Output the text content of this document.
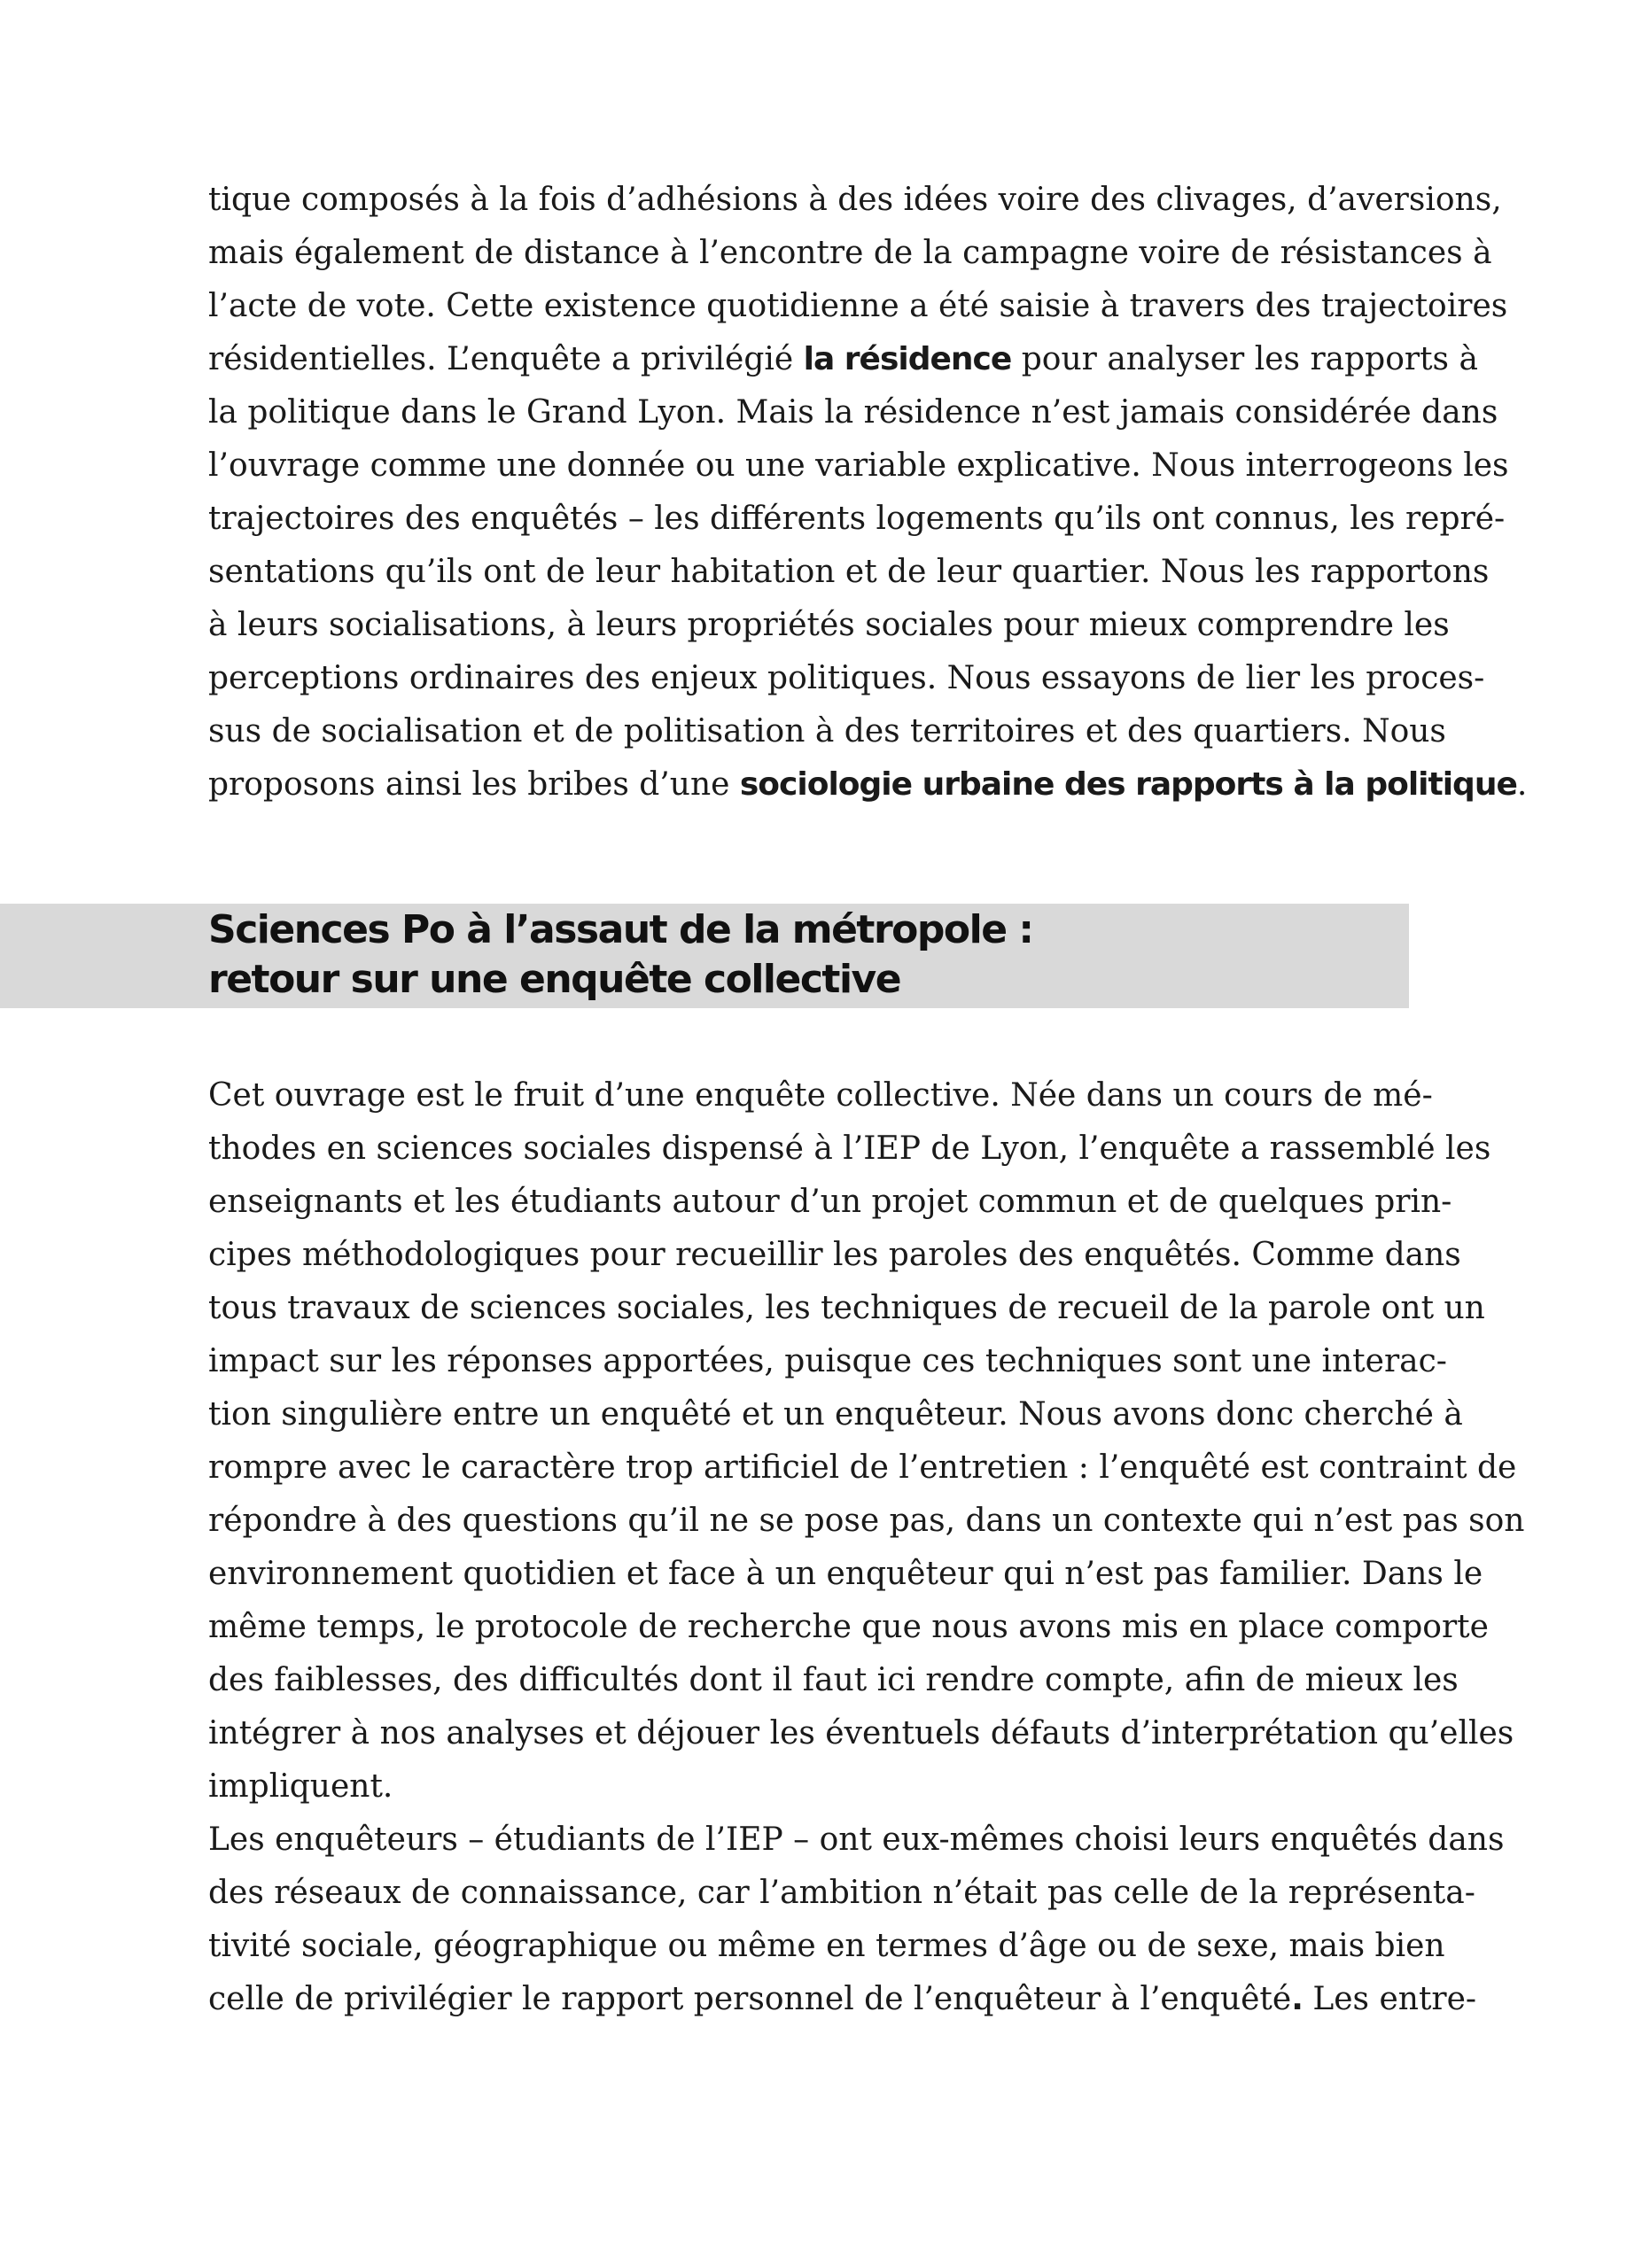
tique composés à la fois d’adhésions à des idées voire des clivages, d’aversions,
mais également de distance à l’encontre de la campagne voire de résistances à
l’acte de vote. Cette existence quotidienne a été saisie à travers des trajectoires
résidentielles. L’enquête a privilégié la résidence pour analyser les rapports à
la politique dans le Grand Lyon. Mais la résidence n’est jamais considérée dans
l’ouvrage comme une donnée ou une variable explicative. Nous interrogeons les
trajectoires des enquêtés – les différents logements qu’ils ont connus, les repré-
sentations qu’ils ont de leur habitation et de leur quartier. Nous les rapportons
à leurs socialisations, à leurs propriétés sociales pour mieux comprendre les
perceptions ordinaires des enjeux politiques. Nous essayons de lier les proces-
sus de socialisation et de politisation à des territoires et des quartiers. Nous
proposons ainsi les bribes d’une sociologie urbaine des rapports à la politique.
Sciences Po à l’assaut de la métropole :
retour sur une enquête collective
Cet ouvrage est le fruit d’une enquête collective. Née dans un cours de mé-
thodes en sciences sociales dispensé à l’IEP de Lyon, l’enquête a rassemblé les
enseignants et les étudiants autour d’un projet commun et de quelques prin-
cipes méthodologiques pour recueillir les paroles des enquêtés. Comme dans
tous travaux de sciences sociales, les techniques de recueil de la parole ont un
impact sur les réponses apportées, puisque ces techniques sont une interac-
tion singulière entre un enquêté et un enquêteur. Nous avons donc cherché à
rompre avec le caractère trop artificiel de l’entretien : l’enquêté est contraint de
répondre à des questions qu’il ne se pose pas, dans un contexte qui n’est pas son
environnement quotidien et face à un enquêteur qui n’est pas familier. Dans le
même temps, le protocole de recherche que nous avons mis en place comporte
des faiblesses, des difficultés dont il faut ici rendre compte, afin de mieux les
intégrer à nos analyses et déjouer les éventuels défauts d’interprétation qu’elles
impliquent.
Les enquêteurs – étudiants de l’IEP – ont eux-mêmes choisi leurs enquêtés dans
des réseaux de connaissance, car l’ambition n’était pas celle de la représenta-
tivité sociale, géographique ou même en termes d’âge ou de sexe, mais bien
celle de privilégier le rapport personnel de l’enquêteur à l’enquêté. Les entre-
